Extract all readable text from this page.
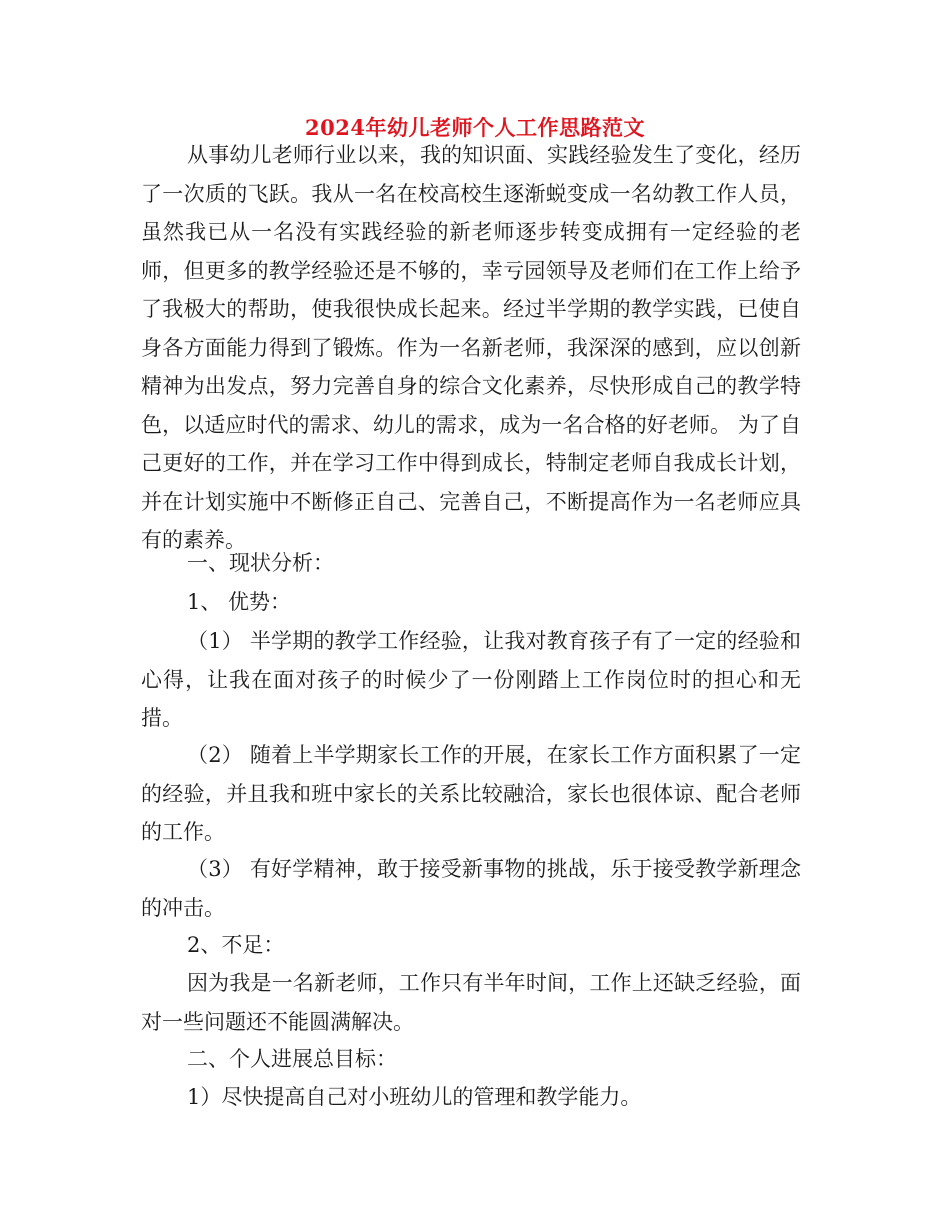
2024年幼儿老师个人工作思路范文

从事幼儿老师行业以来，我的知识面、实践经验发生了变化，经历了一次质的飞跃。我从一名在校高校生逐渐蜕变成一名幼教工作人员，虽然我已从一名没有实践经验的新老师逐步转变成拥有一定经验的老师，但更多的教学经验还是不够的，幸亏园领导及老师们在工作上给予了我极大的帮助，使我很快成长起来。经过半学期的教学实践，已使自身各方面能力得到了锻炼。作为一名新老师，我深深的感到，应以创新精神为出发点，努力完善自身的综合文化素养，尽快形成自己的教学特色，以适应时代的需求、幼儿的需求，成为一名合格的好老师。 为了自己更好的工作，并在学习工作中得到成长，特制定老师自我成长计划，并在计划实施中不断修正自己、完善自己，不断提高作为一名老师应具有的素养。

一、现状分析：

1、 优势：

（1） 半学期的教学工作经验，让我对教育孩子有了一定的经验和心得，让我在面对孩子的时候少了一份刚踏上工作岗位时的担心和无措。

（2） 随着上半学期家长工作的开展，在家长工作方面积累了一定的经验，并且我和班中家长的关系比较融洽，家长也很体谅、配合老师的工作。

（3） 有好学精神，敢于接受新事物的挑战，乐于接受教学新理念的冲击。

2、不足：

因为我是一名新老师，工作只有半年时间，工作上还缺乏经验，面对一些问题还不能圆满解决。

二、个人进展总目标：

1）尽快提高自己对小班幼儿的管理和教学能力。
